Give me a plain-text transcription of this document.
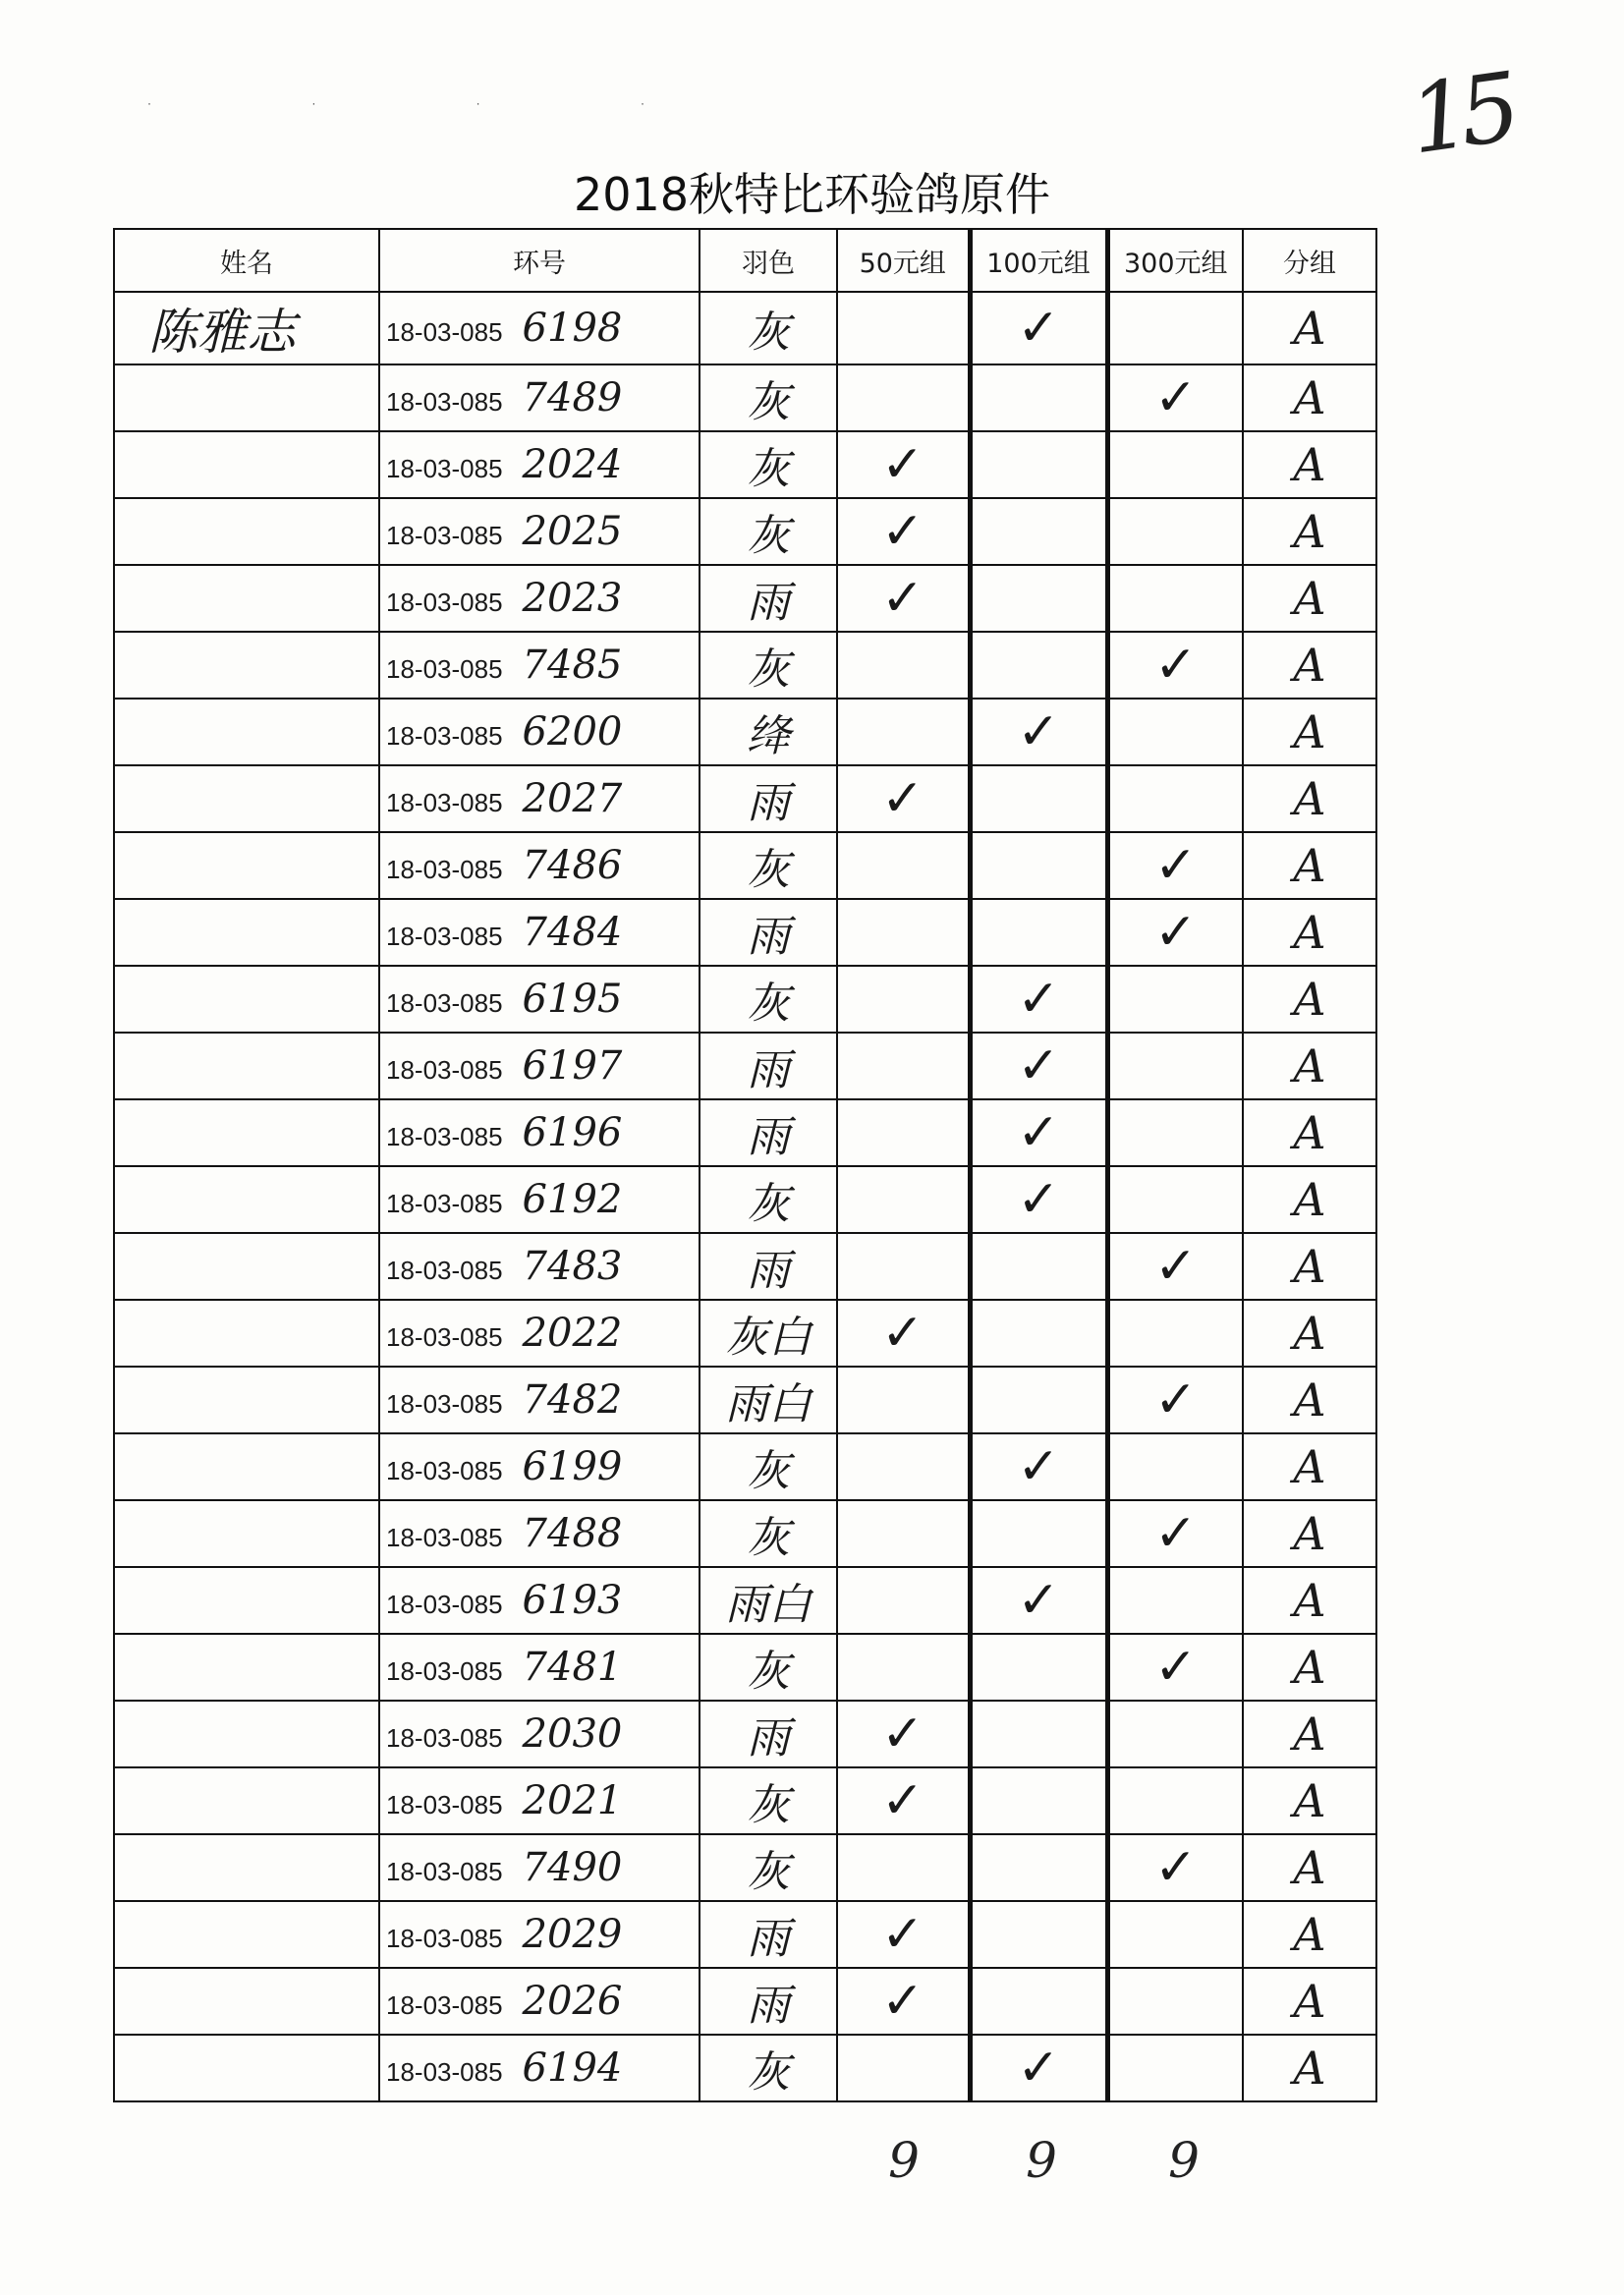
· · · ·	15
2018秋特比环验鸽原件
姓名	环号	羽色	50元组	100元组	300元组	分组
陈雅志	18-03-085 6198	灰		✓		A
	18-03-085 7489	灰			✓	A
	18-03-085 2024	灰	✓			A
	18-03-085 2025	灰	✓			A
	18-03-085 2023	雨	✓			A
	18-03-085 7485	灰			✓	A
	18-03-085 6200	绛		✓		A
	18-03-085 2027	雨	✓			A
	18-03-085 7486	灰			✓	A
	18-03-085 7484	雨			✓	A
	18-03-085 6195	灰		✓		A
	18-03-085 6197	雨		✓		A
	18-03-085 6196	雨		✓		A
	18-03-085 6192	灰		✓		A
	18-03-085 7483	雨			✓	A
	18-03-085 2022	灰白	✓			A
	18-03-085 7482	雨白			✓	A
	18-03-085 6199	灰		✓		A
	18-03-085 7488	灰			✓	A
	18-03-085 6193	雨白		✓		A
	18-03-085 7481	灰			✓	A
	18-03-085 2030	雨	✓			A
	18-03-085 2021	灰	✓			A
	18-03-085 7490	灰			✓	A
	18-03-085 2029	雨	✓			A
	18-03-085 2026	雨	✓			A
	18-03-085 6194	灰		✓		A
9	9	9
